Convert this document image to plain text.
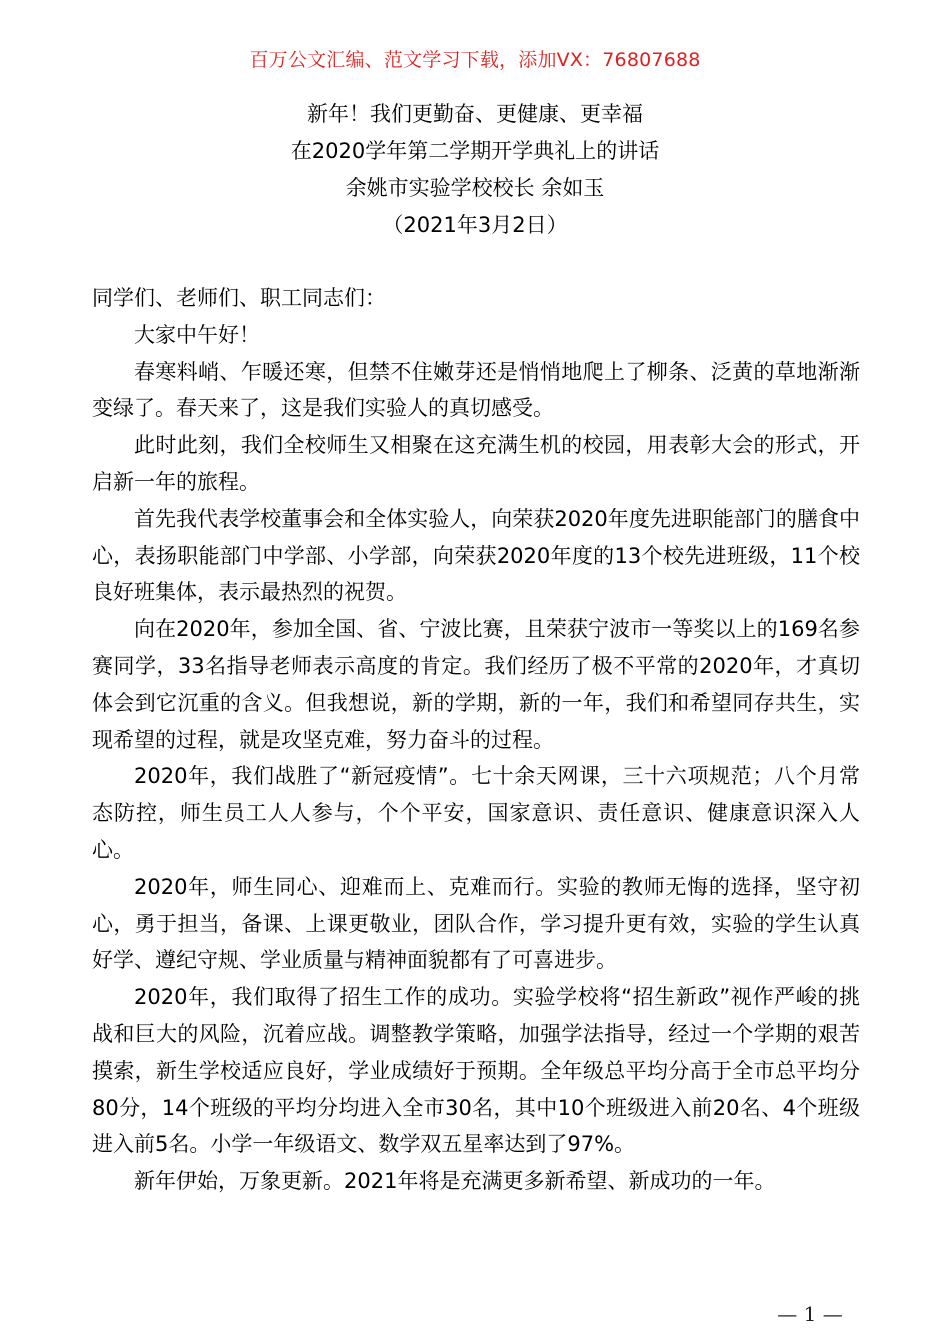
百万公文汇编、范文学习下载，添加VX：76807688
新年！我们更勤奋、更健康、更幸福
在2020学年第二学期开学典礼上的讲话
余姚市实验学校校长 余如玉
（2021年3月2日）

同学们、老师们、职工同志们：

大家中午好！

春寒料峭、乍暖还寒，但禁不住嫩芽还是悄悄地爬上了柳条、泛黄的草地渐渐变绿了。春天来了，这是我们实验人的真切感受。

此时此刻，我们全校师生又相聚在这充满生机的校园，用表彰大会的形式，开启新一年的旅程。

首先我代表学校董事会和全体实验人，向荣获2020年度先进职能部门的膳食中心，表扬职能部门中学部、小学部，向荣获2020年度的13个校先进班级，11个校良好班集体，表示最热烈的祝贺。

向在2020年，参加全国、省、宁波比赛，且荣获宁波市一等奖以上的169名参赛同学，33名指导老师表示高度的肯定。我们经历了极不平常的2020年，才真切体会到它沉重的含义。但我想说，新的学期，新的一年，我们和希望同存共生，实现希望的过程，就是攻坚克难，努力奋斗的过程。

2020年，我们战胜了“新冠疫情”。七十余天网课，三十六项规范；八个月常态防控，师生员工人人参与，个个平安，国家意识、责任意识、健康意识深入人心。

2020年，师生同心、迎难而上、克难而行。实验的教师无悔的选择，坚守初心，勇于担当，备课、上课更敬业，团队合作，学习提升更有效，实验的学生认真好学、遵纪守规、学业质量与精神面貌都有了可喜进步。

2020年，我们取得了招生工作的成功。实验学校将“招生新政”视作严峻的挑战和巨大的风险，沉着应战。调整教学策略，加强学法指导，经过一个学期的艰苦摸索，新生学校适应良好，学业成绩好于预期。全年级总平均分高于全市总平均分80分，14个班级的平均分均进入全市30名，其中10个班级进入前20名、4个班级进入前5名。小学一年级语文、数学双五星率达到了97%。

新年伊始，万象更新。2021年将是充满更多新希望、新成功的一年。

— 1 —
